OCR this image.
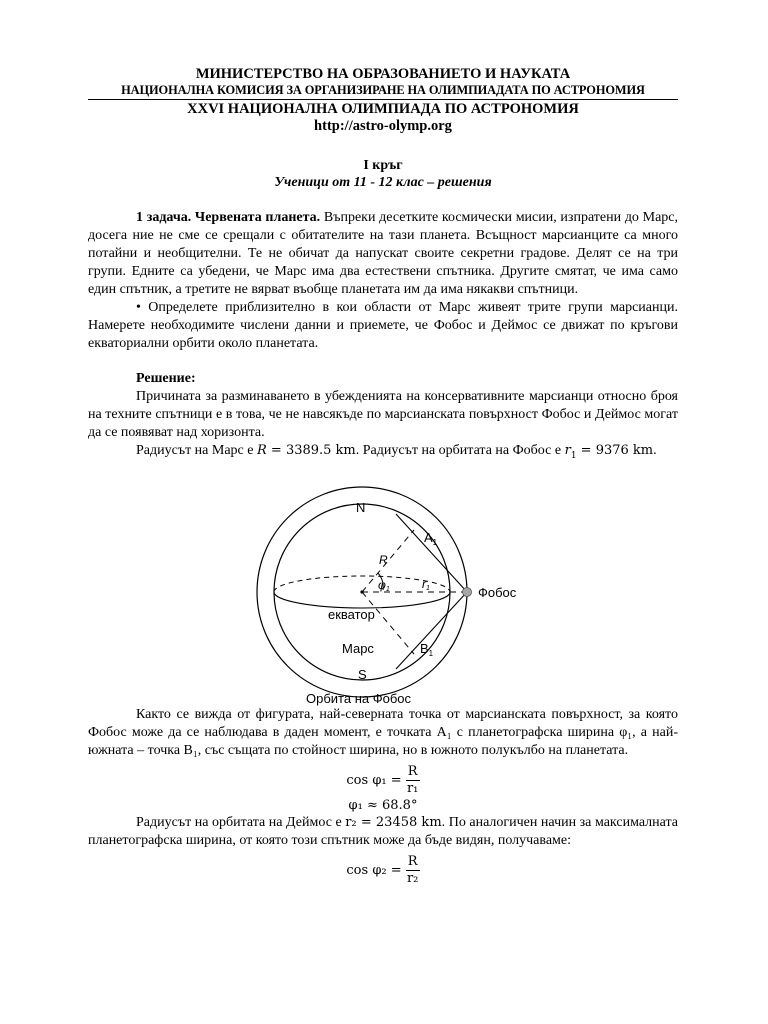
МИНИСТЕРСТВО НА ОБРАЗОВАНИЕТО И НАУКАТА
НАЦИОНАЛНА КОМИСИЯ ЗА ОРГАНИЗИРАНЕ НА ОЛИМПИАДАТА ПО АСТРОНОМИЯ
XXVI НАЦИОНАЛНА ОЛИМПИАДА ПО АСТРОНОМИЯ
http://astro-olymp.org
I кръг
Ученици от 11 - 12 клас – решения

1 задача. Червената планета. Въпреки десетките космически мисии, изпратени до Марс, досега ние не сме се срещали с обитателите на тази планета. Всъщност марсианците са много потайни и необщителни. Те не обичат да напускат своите секретни градове. Делят се на три групи. Едните са убедени, че Марс има два естествени спътника. Другите смятат, че има само един спътник, а третите не вярват въобще планетата им да има някакви спътници.

• Определете приблизително в кои области от Марс живеят трите групи марсианци. Намерете необходимите числени данни и приемете, че Фобос и Деймос се движат по кръгови екваториални орбити около планетата.

Решение:

Причината за разминаването в убежденията на консервативните марсианци относно броя на техните спътници е в това, че не навсякъде по марсианската повърхност Фобос и Деймос могат да се появяват над хоризонта.

Радиусът на Марс е R = 3389.5 km. Радиусът на орбитата на Фобос е $r_1 = 9376$ km.

Както се вижда от фигурата, най-северната точка от марсианската повърхност, за която Фобос може да се наблюдава в даден момент, е точката A₁ с планетографска ширина φ₁, а най-южната – точка B₁, със същата по стойност ширина, но в южното полукълбо на планетата.

$\cos \varphi_1 = \frac{R}{\text{r₁}}$
φ₁ ≈ 68.8°

Радиусът на орбитата на Деймос е r₂ = 23458 km. По аналогичен начин за максималната планетографска ширина, от която този спътник може да бъде видян, получаваме:

$\cos \varphi_2 = \frac{R}{\text{r₂}}$
N
S
$A_1$
$B_1$
R
φ1	r1	Фобос
екватор
Марс
Орбита на Фобос
